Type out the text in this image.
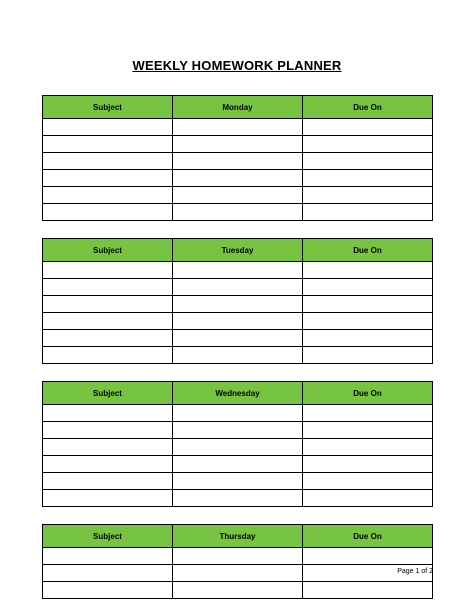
WEEKLY HOMEWORK PLANNER
Subject	Monday	Due On

Subject	Tuesday	Due On

Subject	Wednesday	Due On

Subject	Thursday	Due On

Page 1 of 2
